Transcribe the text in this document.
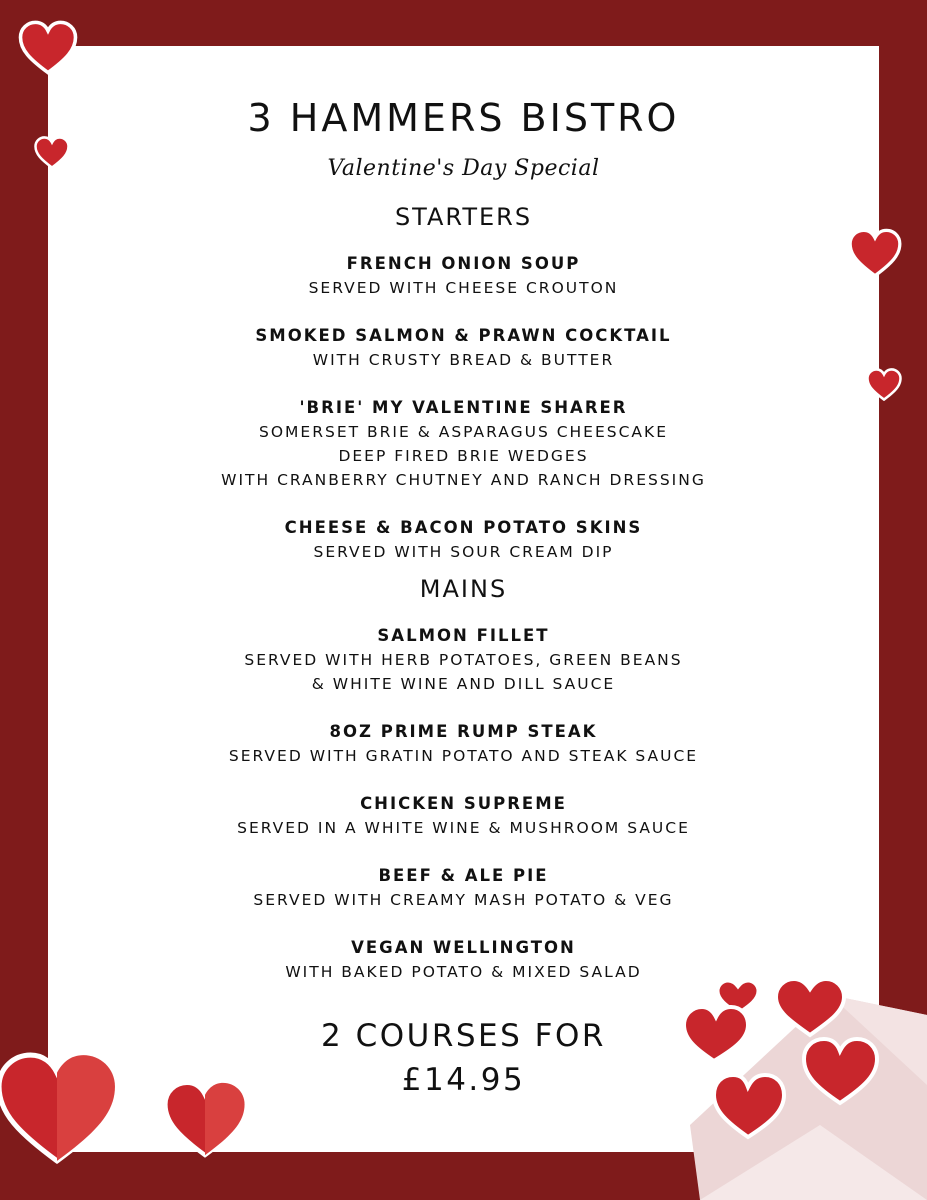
3 HAMMERS BISTRO
Valentine's Day Special
STARTERS
FRENCH ONION SOUP
SERVED WITH CHEESE CROUTON
SMOKED SALMON & PRAWN COCKTAIL
WITH CRUSTY BREAD & BUTTER
'BRIE' MY VALENTINE SHARER
SOMERSET BRIE & ASPARAGUS CHEESCAKE
DEEP FIRED BRIE WEDGES
WITH CRANBERRY CHUTNEY AND RANCH DRESSING
CHEESE & BACON POTATO SKINS
SERVED WITH SOUR CREAM DIP
MAINS
SALMON FILLET
SERVED WITH HERB POTATOES, GREEN BEANS
& WHITE WINE AND DILL SAUCE
8OZ PRIME RUMP STEAK
SERVED WITH GRATIN POTATO AND STEAK SAUCE
CHICKEN SUPREME
SERVED IN A WHITE WINE & MUSHROOM SAUCE
BEEF & ALE PIE
SERVED WITH CREAMY MASH POTATO & VEG
VEGAN WELLINGTON
WITH BAKED POTATO & MIXED SALAD
2 COURSES FOR
£14.95
